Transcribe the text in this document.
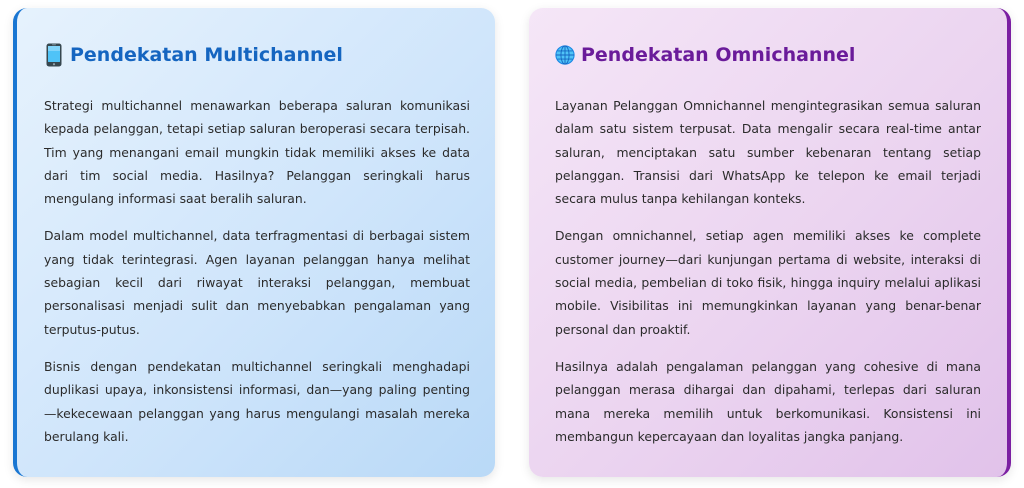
Pendekatan Multichannel

Strategi multichannel menawarkan beberapa saluran komunikasi kepada pelanggan, tetapi setiap saluran beroperasi secara terpisah. Tim yang menangani email mungkin tidak memiliki akses ke data dari tim social media. Hasilnya? Pelanggan seringkali harus mengulang informasi saat beralih saluran.

Dalam model multichannel, data terfragmentasi di berbagai sistem yang tidak terintegrasi. Agen layanan pelanggan hanya melihat sebagian kecil dari riwayat interaksi pelanggan, membuat personalisasi menjadi sulit dan menyebabkan pengalaman yang terputus-putus.

Bisnis dengan pendekatan multichannel seringkali menghadapi duplikasi upaya, inkonsistensi informasi, dan—yang paling penting—kekecewaan pelanggan yang harus mengulangi masalah mereka berulang kali.

Pendekatan Omnichannel

Layanan Pelanggan Omnichannel mengintegrasikan semua saluran dalam satu sistem terpusat. Data mengalir secara real-time antar saluran, menciptakan satu sumber kebenaran tentang setiap pelanggan. Transisi dari WhatsApp ke telepon ke email terjadi secara mulus tanpa kehilangan konteks.

Dengan omnichannel, setiap agen memiliki akses ke complete customer journey—dari kunjungan pertama di website, interaksi di social media, pembelian di toko fisik, hingga inquiry melalui aplikasi mobile. Visibilitas ini memungkinkan layanan yang benar-benar personal dan proaktif.

Hasilnya adalah pengalaman pelanggan yang cohesive di mana pelanggan merasa dihargai dan dipahami, terlepas dari saluran mana mereka memilih untuk berkomunikasi. Konsistensi ini membangun kepercayaan dan loyalitas jangka panjang.
